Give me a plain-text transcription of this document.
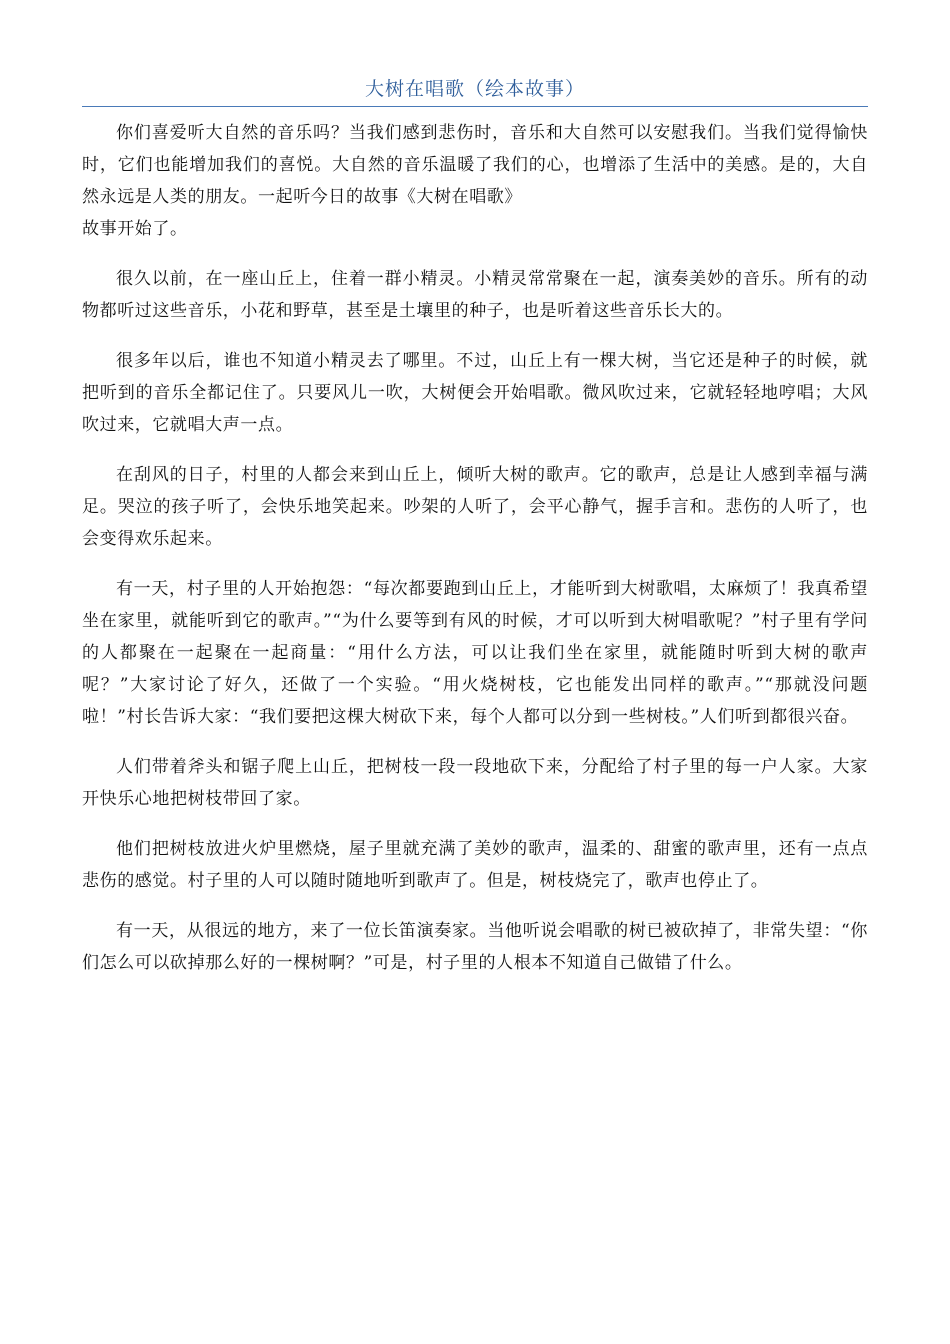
大树在唱歌（绘本故事）

你们喜爱听大自然的音乐吗？当我们感到悲伤时，音乐和大自然可以安慰我们。当我们觉得愉快时，它们也能增加我们的喜悦。大自然的音乐温暖了我们的心，也增添了生活中的美感。是的，大自然永远是人类的朋友。一起听今日的故事《大树在唱歌》

故事开始了。

很久以前，在一座山丘上，住着一群小精灵。小精灵常常聚在一起，演奏美妙的音乐。所有的动物都听过这些音乐，小花和野草，甚至是土壤里的种子，也是听着这些音乐长大的。

很多年以后，谁也不知道小精灵去了哪里。不过，山丘上有一棵大树，当它还是种子的时候，就把听到的音乐全都记住了。只要风儿一吹，大树便会开始唱歌。微风吹过来，它就轻轻地哼唱；大风吹过来，它就唱大声一点。

在刮风的日子，村里的人都会来到山丘上，倾听大树的歌声。它的歌声，总是让人感到幸福与满足。哭泣的孩子听了，会快乐地笑起来。吵架的人听了，会平心静气，握手言和。悲伤的人听了，也会变得欢乐起来。

有一天，村子里的人开始抱怨：“每次都要跑到山丘上，才能听到大树歌唱，太麻烦了！我真希望坐在家里，就能听到它的歌声。”“为什么要等到有风的时候，才可以听到大树唱歌呢？”村子里有学问的人都聚在一起聚在一起商量：“用什么方法，可以让我们坐在家里，就能随时听到大树的歌声呢？”大家讨论了好久，还做了一个实验。“用火烧树枝，它也能发出同样的歌声。”“那就没问题啦！”村长告诉大家：“我们要把这棵大树砍下来，每个人都可以分到一些树枝。”人们听到都很兴奋。

人们带着斧头和锯子爬上山丘，把树枝一段一段地砍下来，分配给了村子里的每一户人家。大家开快乐心地把树枝带回了家。

他们把树枝放进火炉里燃烧，屋子里就充满了美妙的歌声，温柔的、甜蜜的歌声里，还有一点点悲伤的感觉。村子里的人可以随时随地听到歌声了。但是，树枝烧完了，歌声也停止了。

有一天，从很远的地方，来了一位长笛演奏家。当他听说会唱歌的树已被砍掉了，非常失望：“你们怎么可以砍掉那么好的一棵树啊？”可是，村子里的人根本不知道自己做错了什么。
